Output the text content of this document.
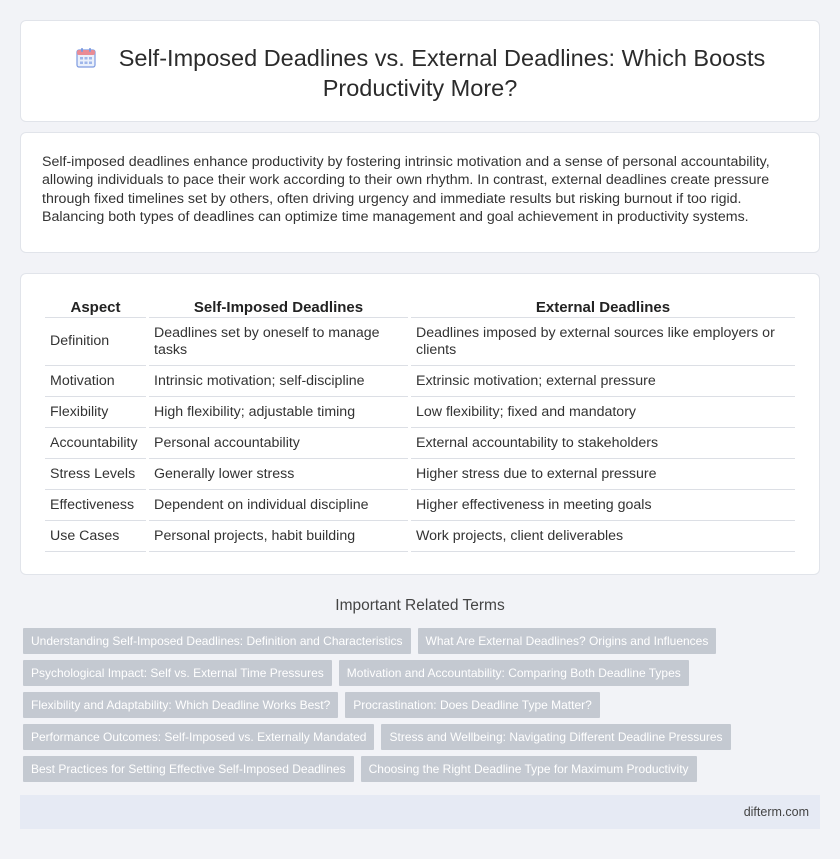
Self-Imposed Deadlines vs. External Deadlines: Which Boosts Productivity More?

Self-imposed deadlines enhance productivity by fostering intrinsic motivation and a sense of personal accountability, allowing individuals to pace their work according to their own rhythm. In contrast, external deadlines create pressure through fixed timelines set by others, often driving urgency and immediate results but risking burnout if too rigid. Balancing both types of deadlines can optimize time management and goal achievement in productivity systems.

Aspect	Self-Imposed Deadlines	External Deadlines
Definition	Deadlines set by oneself to manage tasks	Deadlines imposed by external sources like employers or clients
Motivation	Intrinsic motivation; self-discipline	Extrinsic motivation; external pressure
Flexibility	High flexibility; adjustable timing	Low flexibility; fixed and mandatory
Accountability	Personal accountability	External accountability to stakeholders
Stress Levels	Generally lower stress	Higher stress due to external pressure
Effectiveness	Dependent on individual discipline	Higher effectiveness in meeting goals
Use Cases	Personal projects, habit building	Work projects, client deliverables
Important Related Terms
Understanding Self-Imposed Deadlines: Definition and Characteristics	What Are External Deadlines? Origins and Influences
Psychological Impact: Self vs. External Time Pressures	Motivation and Accountability: Comparing Both Deadline Types
Flexibility and Adaptability: Which Deadline Works Best?	Procrastination: Does Deadline Type Matter?
Performance Outcomes: Self-Imposed vs. Externally Mandated	Stress and Wellbeing: Navigating Different Deadline Pressures
Best Practices for Setting Effective Self-Imposed Deadlines	Choosing the Right Deadline Type for Maximum Productivity
difterm.com
